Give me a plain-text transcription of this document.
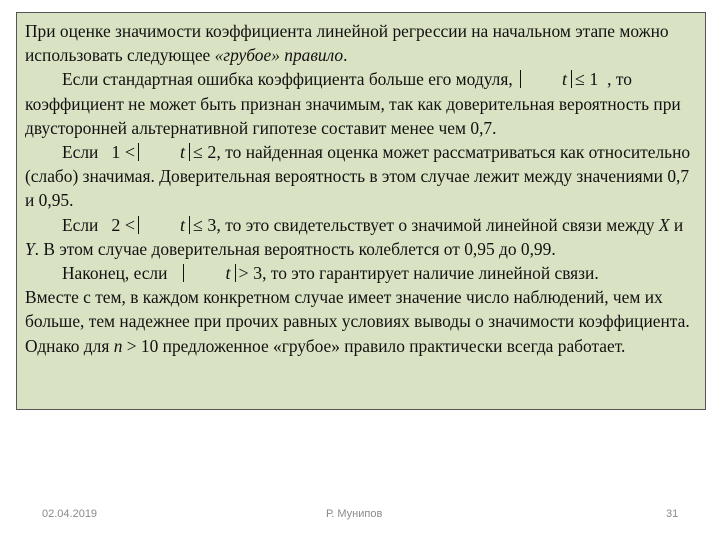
При оценке значимости коэффициента линейной регрессии на начальном этапе можно использовать следующее «грубое» правило.

Если стандартная ошибка коэффициента больше его модуля,	t ≤ 1 , то коэффициент не может быть признан значимым, так как доверительная вероятность при двусторонней альтернативной гипотезе составит менее чем 0,7.

Если 1 <	t ≤ 2, то найденная оценка может рассматриваться как относительно (слабо) значимая. Доверительная вероятность в этом случае лежит между значениями 0,7 и 0,95.

Если 2 <	t ≤ 3, то это свидетельствует о значимой линейной связи между X и Y. В этом случае доверительная вероятность колеблется от 0,95 до 0,99.

Наконец, если	t > 3, то это гарантирует наличие линейной связи.

Вместе с тем, в каждом конкретном случае имеет значение число наблюдений, чем их больше, тем надежнее при прочих равных условиях выводы о значимости коэффициента. Однако для n > 10 предложенное «грубое» правило практически всегда работает.

02.04.2019	Р. Мунипов	31
